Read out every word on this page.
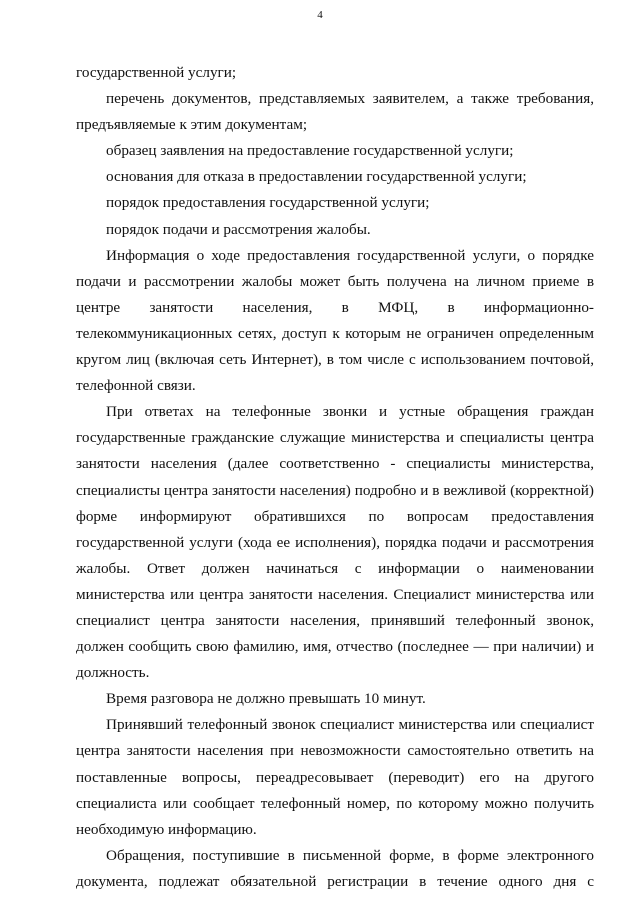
4

государственной услуги;

перечень документов, представляемых заявителем, а также требования, предъявляемые к этим документам;

образец заявления на предоставление государственной услуги;

основания для отказа в предоставлении государственной услуги;

порядок предоставления государственной услуги;

порядок подачи и рассмотрения жалобы.

Информация о ходе предоставления государственной услуги, о порядке подачи и рассмотрении жалобы может быть получена на личном приеме в центре занятости населения, в МФЦ, в информационно-телекоммуникационных сетях, доступ к которым не ограничен определенным кругом лиц (включая сеть Интернет), в том числе с использованием почтовой, телефонной связи.

При ответах на телефонные звонки и устные обращения граждан государственные гражданские служащие министерства и специалисты центра занятости населения (далее соответственно - специалисты министерства, специалисты центра занятости населения) подробно и в вежливой (корректной) форме информируют обратившихся по вопросам предоставления государственной услуги (хода ее исполнения), порядка подачи и рассмотрения жалобы. Ответ должен начинаться с информации о наименовании министерства или центра занятости населения. Специалист министерства или специалист центра занятости населения, принявший телефонный звонок, должен сообщить свою фамилию, имя, отчество (последнее — при наличии) и должность.

Время разговора не должно превышать 10 минут.

Принявший телефонный звонок специалист министерства или специалист центра занятости населения при невозможности самостоятельно ответить на поставленные вопросы, переадресовывает (переводит) его на другого специалиста или сообщает телефонный номер, по которому можно получить необходимую информацию.

Обращения, поступившие в письменной форме, в форме электронного документа, подлежат обязательной регистрации в течение одного дня с
